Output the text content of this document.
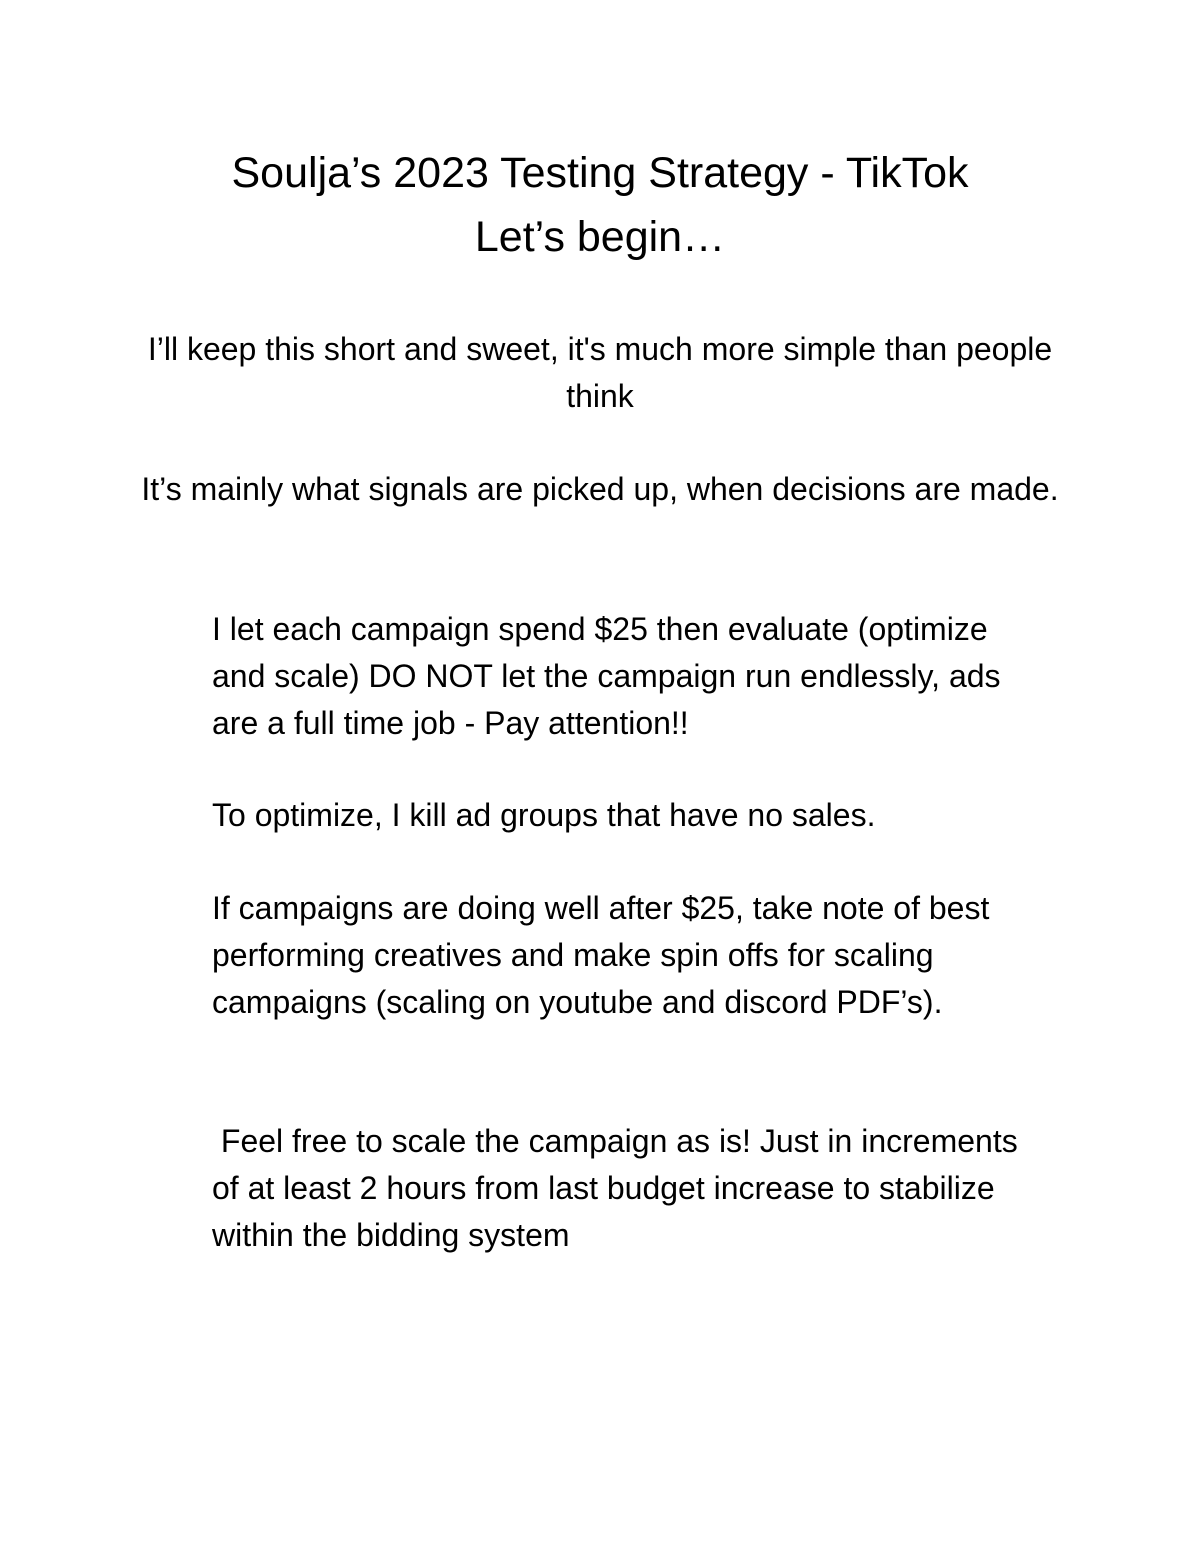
Soulja’s 2023 Testing Strategy - TikTok
Let’s begin…
I’ll keep this short and sweet, it's much more simple than people think
It’s mainly what signals are picked up, when decisions are made.
I let each campaign spend $25 then evaluate (optimize and scale) DO NOT let the campaign run endlessly, ads are a full time job - Pay attention!!
To optimize, I kill ad groups that have no sales.
If campaigns are doing well after $25, take note of best performing creatives and make spin offs for scaling campaigns (scaling on youtube and discord PDF’s).
Feel free to scale the campaign as is! Just in increments of at least 2 hours from last budget increase to stabilize within the bidding system
